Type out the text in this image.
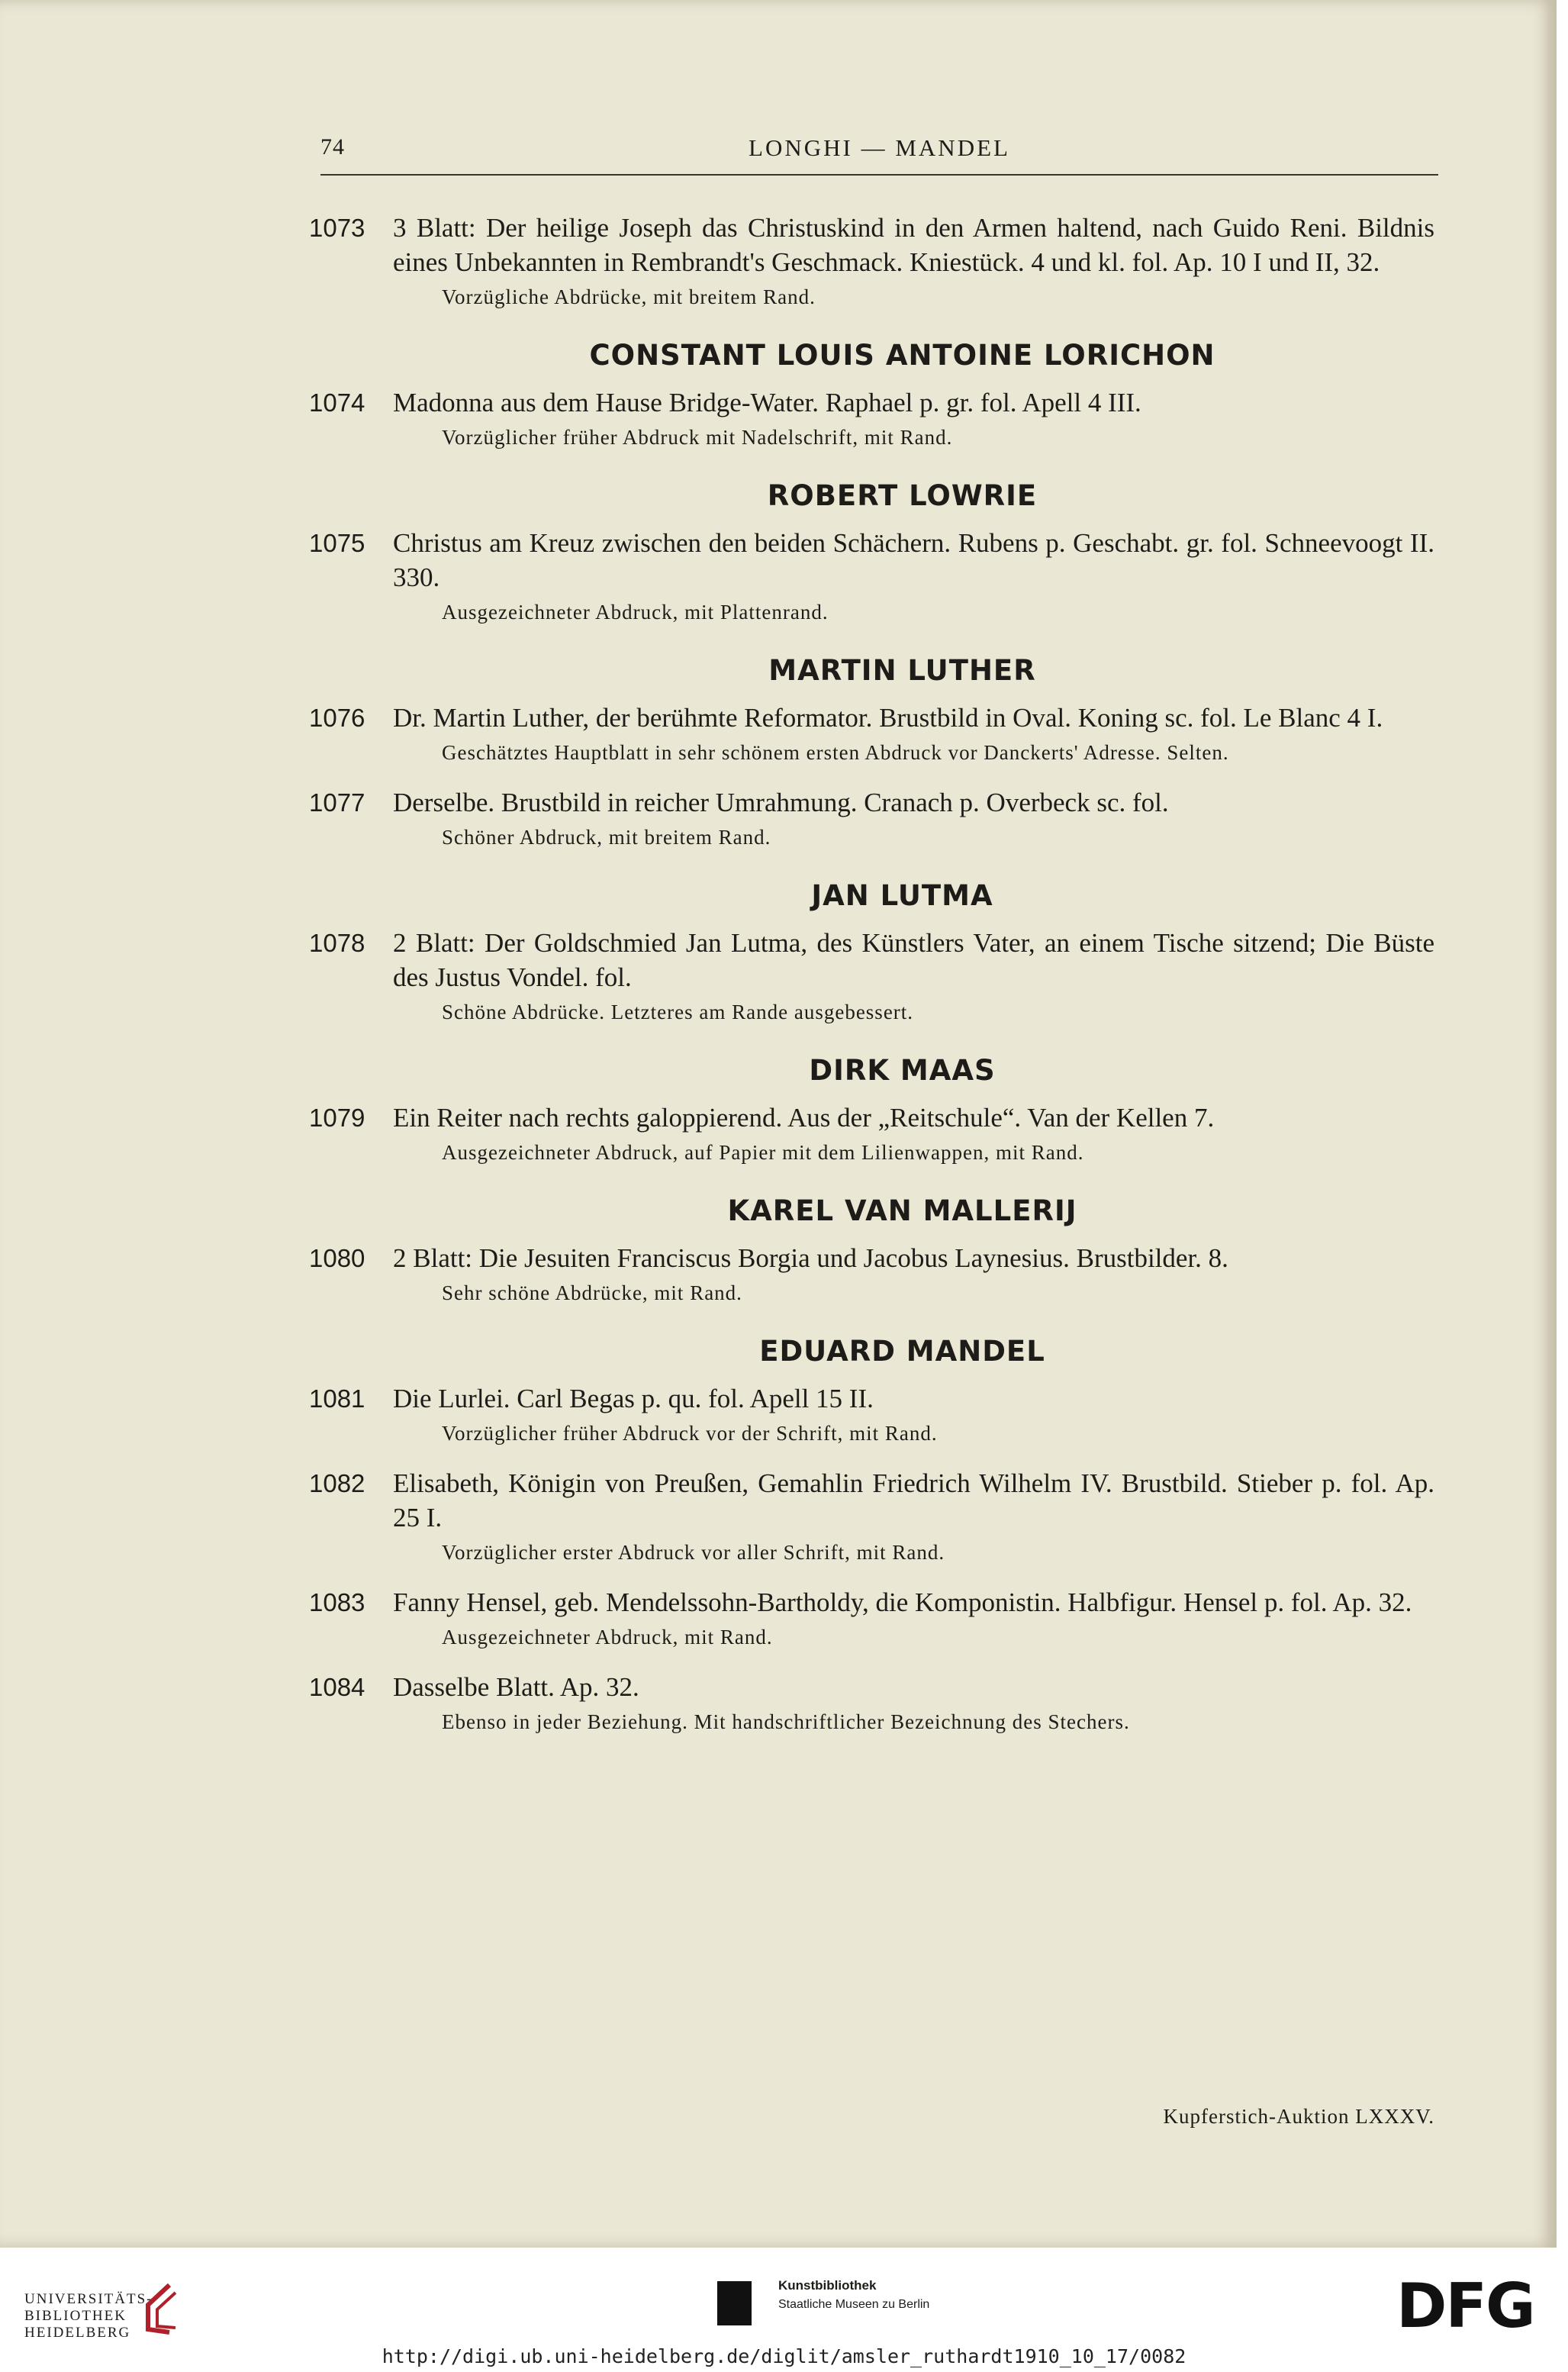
74	LONGHI — MANDEL
1073 3 Blatt: Der heilige Joseph das Christuskind in den Armen haltend, nach Guido Reni. Bildnis eines Unbekannten in Rembrandt's Geschmack. Kniestück. 4 und kl. fol. Ap. 10 I und II, 32.
Vorzügliche Abdrücke, mit breitem Rand.
CONSTANT LOUIS ANTOINE LORICHON
1074 Madonna aus dem Hause Bridge-Water. Raphael p. gr. fol. Apell 4 III.
Vorzüglicher früher Abdruck mit Nadelschrift, mit Rand.
ROBERT LOWRIE
1075 Christus am Kreuz zwischen den beiden Schächern. Rubens p. Geschabt. gr. fol. Schneevoogt II. 330.
Ausgezeichneter Abdruck, mit Plattenrand.
MARTIN LUTHER
1076 Dr. Martin Luther, der berühmte Reformator. Brustbild in Oval. Koning sc. fol. Le Blanc 4 I.
Geschätztes Hauptblatt in sehr schönem ersten Abdruck vor Danckerts' Adresse. Selten.
1077 Derselbe. Brustbild in reicher Umrahmung. Cranach p. Overbeck sc. fol.
Schöner Abdruck, mit breitem Rand.
JAN LUTMA
1078 2 Blatt: Der Goldschmied Jan Lutma, des Künstlers Vater, an einem Tische sitzend; Die Büste des Justus Vondel. fol.
Schöne Abdrücke. Letzteres am Rande ausgebessert.
DIRK MAAS
1079 Ein Reiter nach rechts galoppierend. Aus der „Reitschule“. Van der Kellen 7.
Ausgezeichneter Abdruck, auf Papier mit dem Lilienwappen, mit Rand.
KAREL VAN MALLERIJ
1080 2 Blatt: Die Jesuiten Franciscus Borgia und Jacobus Laynesius. Brustbilder. 8.
Sehr schöne Abdrücke, mit Rand.
EDUARD MANDEL
1081 Die Lurlei. Carl Begas p. qu. fol. Apell 15 II.
Vorzüglicher früher Abdruck vor der Schrift, mit Rand.
1082 Elisabeth, Königin von Preußen, Gemahlin Friedrich Wilhelm IV. Brustbild. Stieber p. fol. Ap. 25 I.
Vorzüglicher erster Abdruck vor aller Schrift, mit Rand.
1083 Fanny Hensel, geb. Mendelssohn-Bartholdy, die Komponistin. Halbfigur. Hensel p. fol. Ap. 32.
Ausgezeichneter Abdruck, mit Rand.
1084 Dasselbe Blatt. Ap. 32.
Ebenso in jeder Beziehung. Mit handschriftlicher Bezeichnung des Stechers.
Kupferstich-Auktion LXXXV.
UNIVERSITÄTS-
BIBLIOTHEK
HEIDELBERG
Kunstbibliothek
Staatliche Museen zu Berlin	DFG
http://digi.ub.uni-heidelberg.de/diglit/amsler_ruthardt1910_10_17/0082
